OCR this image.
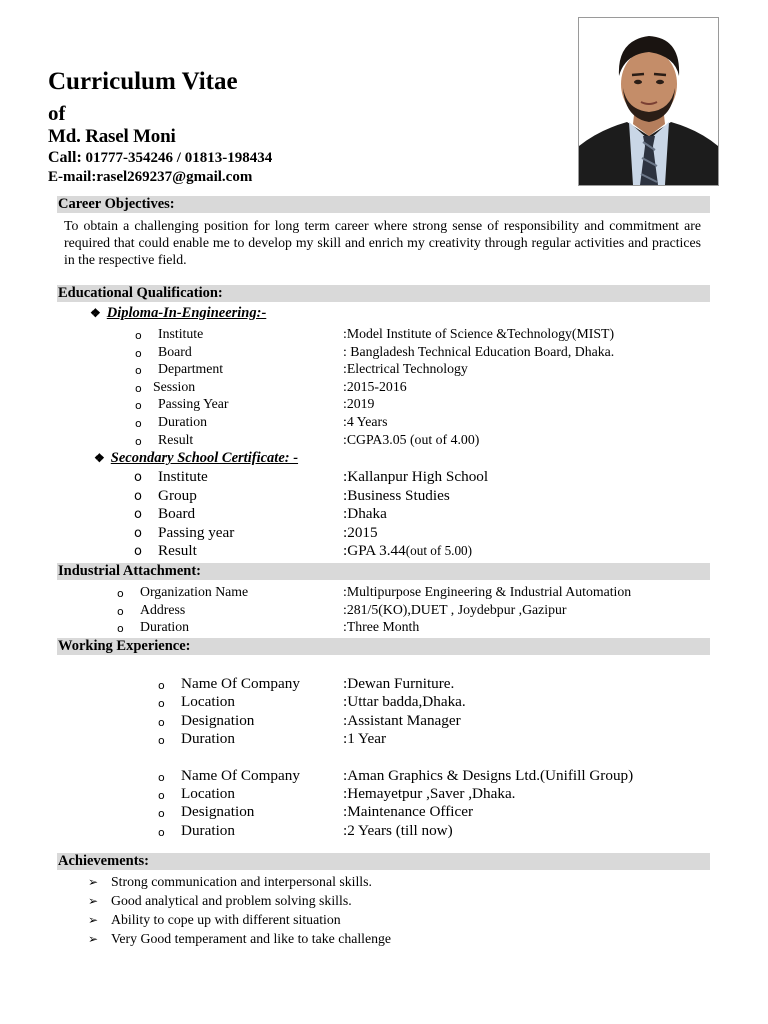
Curriculum Vitae
of
Md. Rasel Moni
Call: 01777-354246 / 01813-198434
E-mail:rasel269237@gmail.com
Career Objectives:
To obtain a challenging position for long term career where strong sense of responsibility and commitment are required that could enable me to develop my skill and enrich my creativity through regular activities and practices in the respective field.
Educational Qualification:
❖ Diploma-In-Engineering:-
o Institute	:Model Institute of Science &Technology(MIST)
o Board	: Bangladesh Technical Education Board, Dhaka.
o Department	:Electrical Technology
o Session	:2015-2016
o Passing Year	:2019
o Duration	:4 Years
o Result	:CGPA3.05 (out of 4.00)
❖ Secondary School Certificate: -
o Institute	:Kallanpur High School
o Group	:Business Studies
o Board	:Dhaka
o Passing year	:2015
o Result	:GPA 3.44(out of 5.00)
Industrial Attachment:
o Organization Name	:Multipurpose Engineering & Industrial Automation
o Address	:281/5(KO),DUET , Joydebpur ,Gazipur
o Duration	:Three Month
Working Experience:
o Name Of Company	:Dewan Furniture.
o Location	:Uttar badda,Dhaka.
o Designation	:Assistant Manager
o Duration	:1 Year
o Name Of Company	:Aman Graphics & Designs Ltd.(Unifill Group)
o Location	:Hemayetpur ,Saver ,Dhaka.
o Designation	:Maintenance Officer
o Duration	:2 Years (till now)
Achievements:
➢ Strong communication and interpersonal skills.
➢ Good analytical and problem solving skills.
➢ Ability to cope up with different situation
➢ Very Good temperament and like to take challenge
